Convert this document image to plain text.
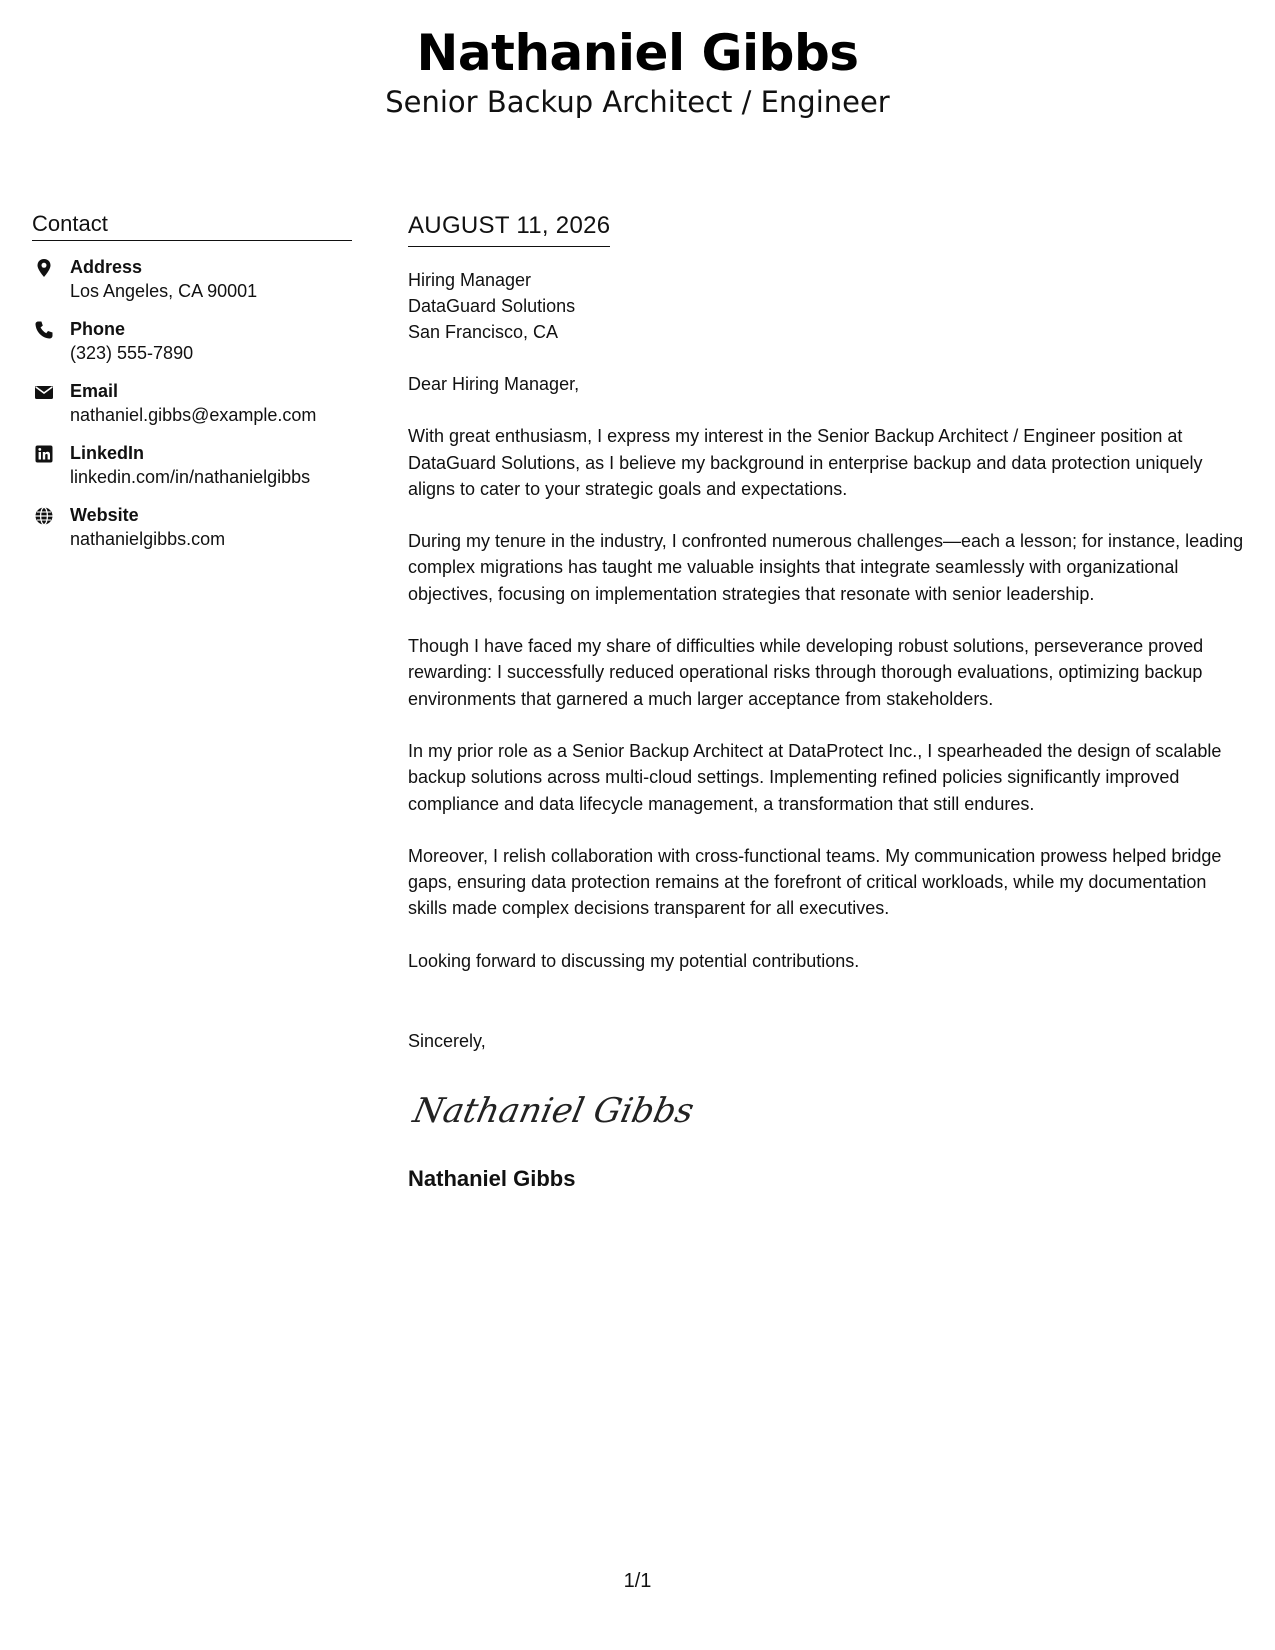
Nathaniel Gibbs
Senior Backup Architect / Engineer
Contact
Address
Los Angeles, CA 90001
Phone
(323) 555-7890
Email
nathaniel.gibbs@example.com
LinkedIn
linkedin.com/in/nathanielgibbs
Website
nathanielgibbs.com
AUGUST 11, 2026
Hiring Manager
DataGuard Solutions
San Francisco, CA

Dear Hiring Manager,

With great enthusiasm, I express my interest in the Senior Backup Architect / Engineer position at DataGuard Solutions, as I believe my background in enterprise backup and data protection uniquely aligns to cater to your strategic goals and expectations.

During my tenure in the industry, I confronted numerous challenges—each a lesson; for instance, leading complex migrations has taught me valuable insights that integrate seamlessly with organizational objectives, focusing on implementation strategies that resonate with senior leadership.

Though I have faced my share of difficulties while developing robust solutions, perseverance proved rewarding: I successfully reduced operational risks through thorough evaluations, optimizing backup environments that garnered a much larger acceptance from stakeholders.

In my prior role as a Senior Backup Architect at DataProtect Inc., I spearheaded the design of scalable backup solutions across multi-cloud settings. Implementing refined policies significantly improved compliance and data lifecycle management, a transformation that still endures.

Moreover, I relish collaboration with cross-functional teams. My communication prowess helped bridge gaps, ensuring data protection remains at the forefront of critical workloads, while my documentation skills made complex decisions transparent for all executives.

Looking forward to discussing my potential contributions.

Sincerely,

Nathaniel Gibbs
Nathaniel Gibbs
1/1
